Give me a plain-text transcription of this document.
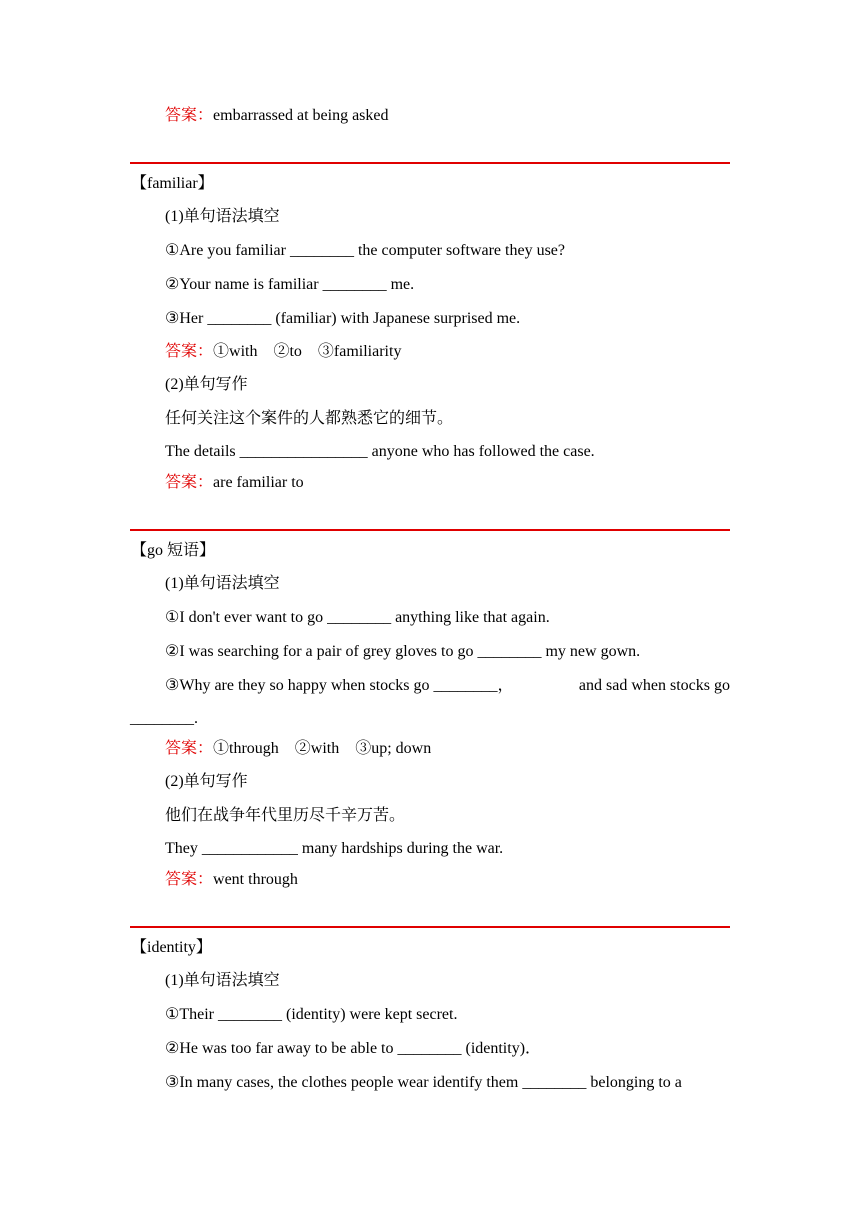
答案：embarrassed at being asked
【familiar】
(1)单句语法填空
①Are you familiar ________ the computer software they use?
②Your name is familiar ________ me.
③Her ________ (familiar) with Japanese surprised me.
答案：①with　②to　③familiarity
(2)单句写作
任何关注这个案件的人都熟悉它的细节。
The details ________________ anyone who has followed the case.
答案：are familiar to
【go 短语】
(1)单句语法填空
①I don't ever want to go ________ anything like that again.
②I was searching for a pair of grey gloves to go ________ my new gown.
③Why are they so happy when stocks go ________，	and sad when stocks go
________.
答案：①through　②with　③up; down
(2)单句写作
他们在战争年代里历尽千辛万苦。
They ____________ many hardships during the war.
答案：went through
【identity】
(1)单句语法填空
①Their ________ (identity) were kept secret.
②He was too far away to be able to ________ (identity)．
③In many cases, the clothes people wear identify them ________ belonging to a
